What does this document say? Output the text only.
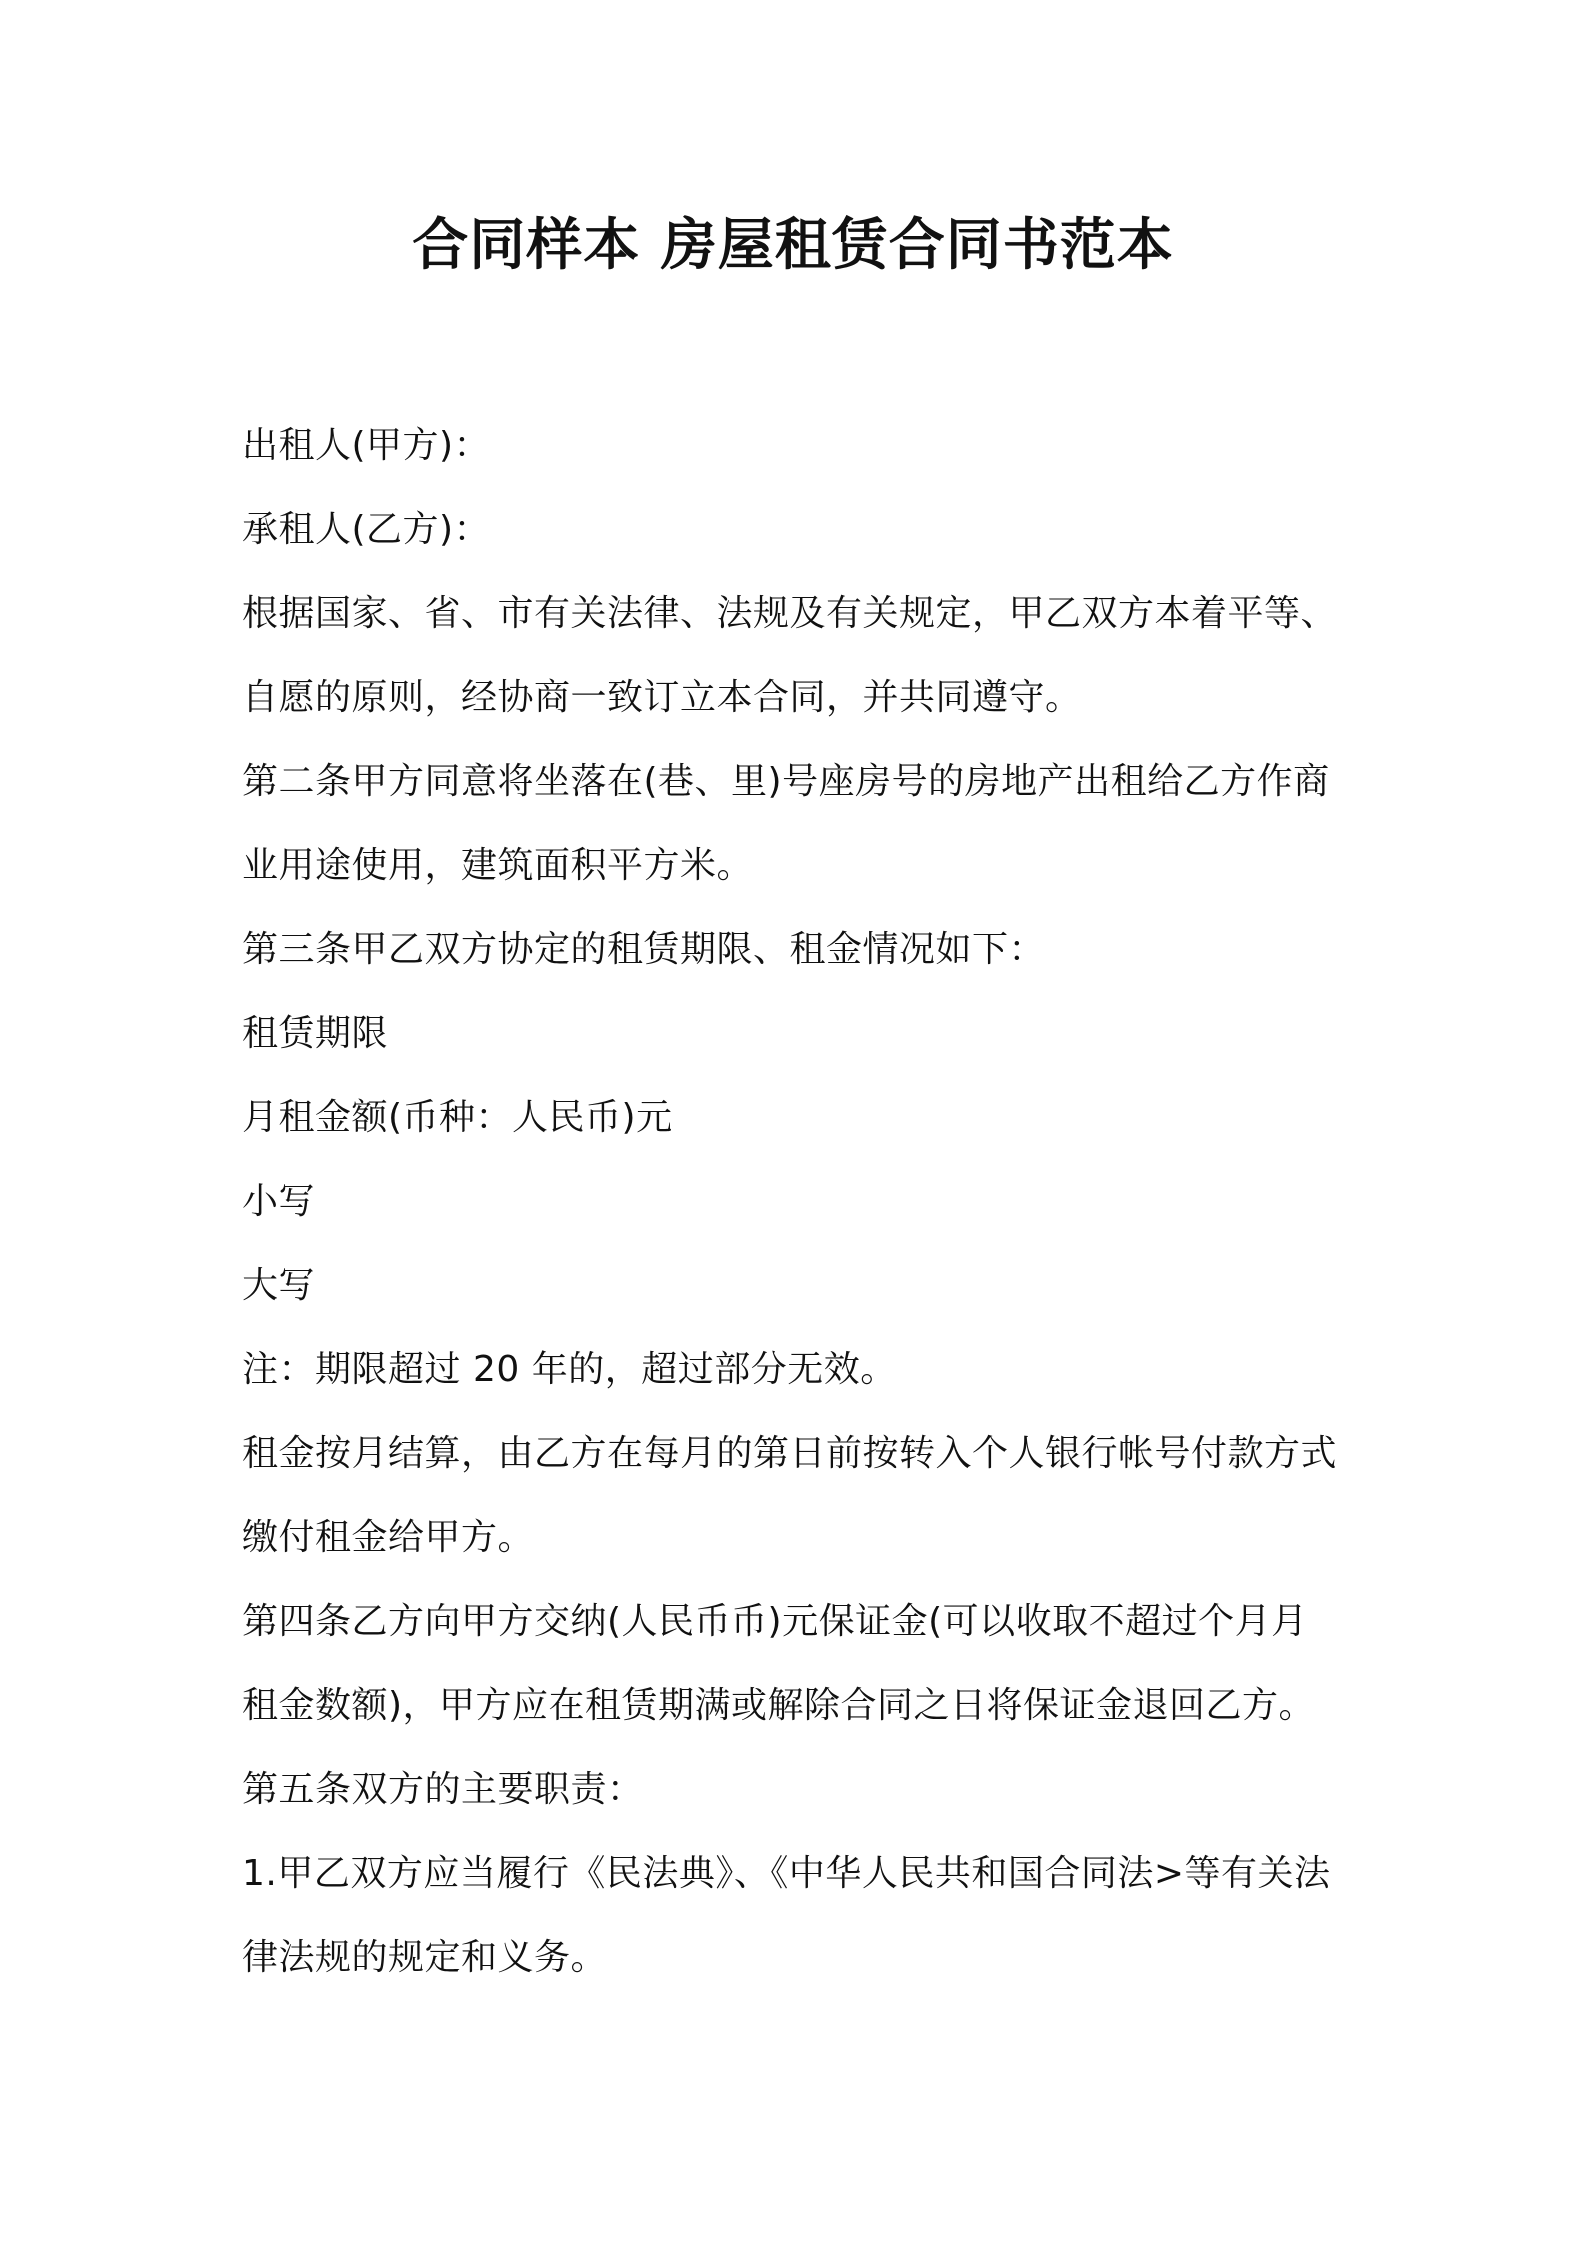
合同样本 房屋租赁合同书范本
出租人(甲方)：
承租人(乙方)：
根据国家、省、市有关法律、法规及有关规定，甲乙双方本着平等、
自愿的原则，经协商一致订立本合同，并共同遵守。
第二条甲方同意将坐落在(巷、里)号座房号的房地产出租给乙方作商
业用途使用，建筑面积平方米。
第三条甲乙双方协定的租赁期限、租金情况如下：
租赁期限
月租金额(币种：人民币)元
小写
大写
注：期限超过 20 年的，超过部分无效。
租金按月结算，由乙方在每月的第日前按转入个人银行帐号付款方式
缴付租金给甲方。
第四条乙方向甲方交纳(人民币币)元保证金(可以收取不超过个月月
租金数额)，甲方应在租赁期满或解除合同之日将保证金退回乙方。
第五条双方的主要职责：
1.甲乙双方应当履行《民法典》、《中华人民共和国合同法>等有关法
律法规的规定和义务。
